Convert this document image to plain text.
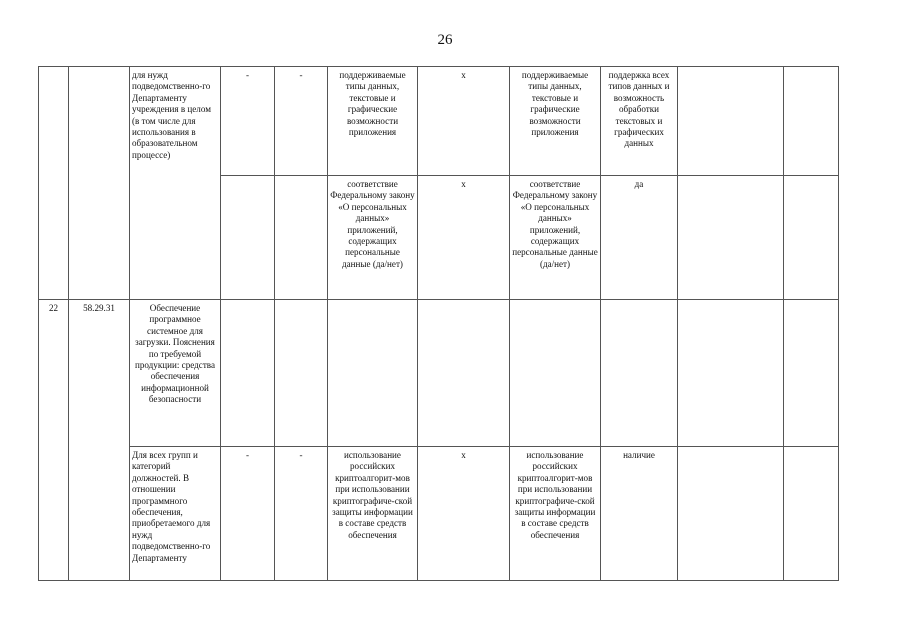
26
		для нужд подведомственно-го Департаменту учреждения в целом (в том числе для использования в образовательном процессе)	-	-	поддерживаемые типы данных, текстовые и графические возможности приложения	x	поддерживаемые типы данных, текстовые и графические возможности приложения	поддержка всех типов данных и возможность обработки текстовых и графических данных		
					соответствие Федеральному закону «О персональных данных» приложений, содержащих персональные данные (да/нет)	x	соответствие Федеральному закону «О персональных данных» приложений, содержащих персональные данные (да/нет)	да		
22	58.29.31	Обеспечение программное системное для загрузки. Пояснения по требуемой продукции: средства обеспечения информационной безопасности								
		Для всех групп и категорий должностей. В отношении программного обеспечения, приобретаемого для нужд подведомственно-го Департаменту	-	-	использование российских криптоалгорит-мов при использовании криптографиче-ской защиты информации в составе средств обеспечения	x	использование российских криптоалгорит-мов при использовании криптографиче-ской защиты информации в составе средств обеспечения	наличие		
